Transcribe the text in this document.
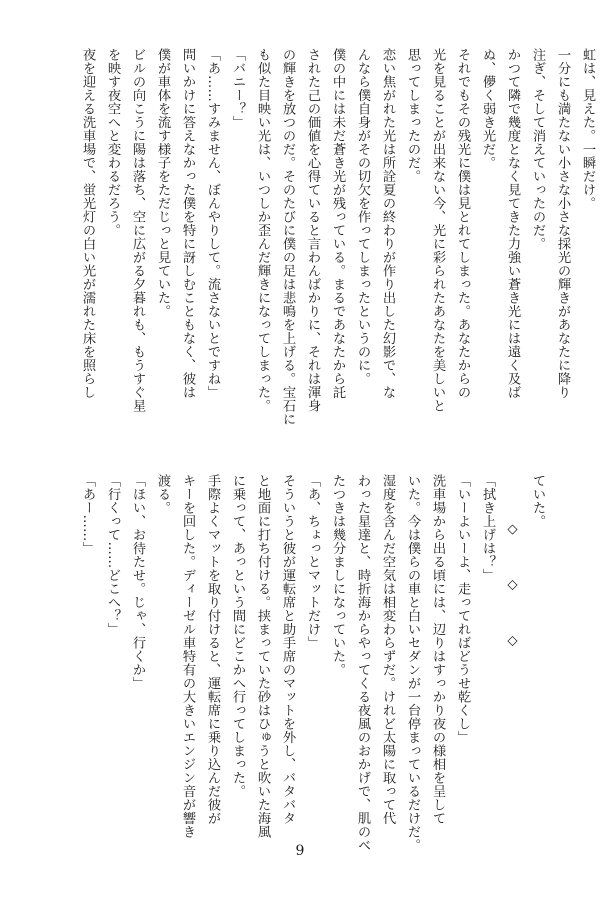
虹は、見えた。一瞬だけ。
一分にも満たない小さな小さな採光の輝きがあなたに降り
注ぎ、そして消えていったのだ。
かつて隣で幾度となく見てきた力強い蒼き光には遠く及ば
ぬ、儚く弱き光だ。
それでもその残光に僕は見とれてしまった。あなたからの
光を見ることが出来ない今、光に彩られたあなたを美しいと
思ってしまったのだ。
恋い焦がれた光は所詮夏の終わりが作り出した幻影で、な
んなら僕自身がその切欠を作ってしまったというのに。
僕の中には未だ蒼き光が残っている。まるであなたから託
された己の価値を心得ていると言わんばかりに、それは渾身
の輝きを放つのだ。そのたびに僕の足は悲鳴を上げる。宝石に
も似た目映い光は、いつしか歪んだ輝きになってしまった。
「バニー？」
「あ……すみません、ぼんやりして。流さないとですね」
問いかけに答えなかった僕を特に訝しむこともなく、彼は
僕が車体を流す様子をただじっと見ていた。
ビルの向こうに陽は落ち、空に広がる夕暮れも、もうすぐ星
を映す夜空へと変わるだろう。
夜を迎える洗車場で、蛍光灯の白い光が濡れた床を照らし
ていた。
◇　　　◇　　　◇
「拭き上げは？」
「いーよいーよ、走ってればどうせ乾くし」
洗車場から出る頃には、辺りはすっかり夜の様相を呈して
いた。今は僕らの車と白いセダンが一台停まっているだけだ。
湿度を含んだ空気は相変わらずだ。けれど太陽に取って代
わった星達と、時折海からやってくる夜風のおかげで、肌のベ
たつきは幾分ましになっていた。
「あ、ちょっとマットだけ」
そういうと彼が運転席と助手席のマットを外し、バタバタ
と地面に打ち付ける。挟まっていた砂はひゅうと吹いた海風
に乗って、あっという間にどこかへ行ってしまった。
手際よくマットを取り付けると、運転席に乗り込んだ彼が
キーを回した。ディーゼル車特有の大きいエンジン音が響き
渡る。
「ほい、お待たせ。じゃ、行くか」
「行くって……どこへ？」
「あー……」
9
